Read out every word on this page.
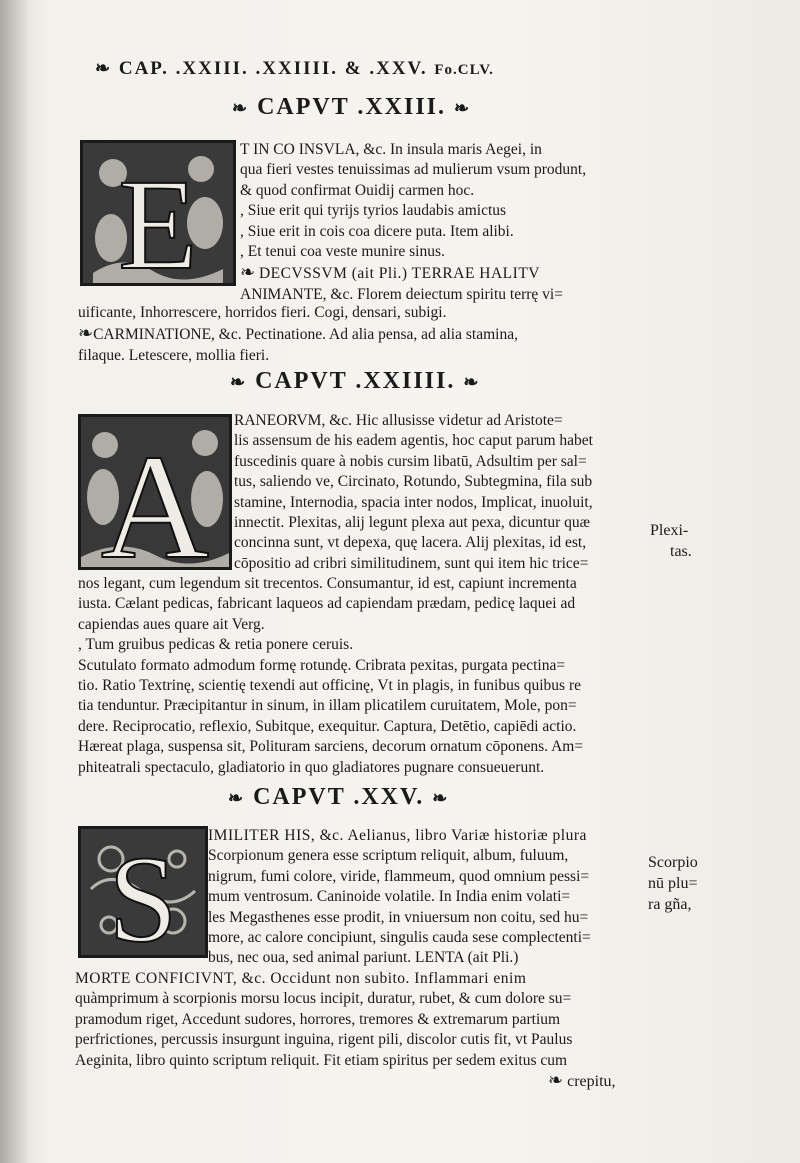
❧ CAP. .XXIII. .XXIIII. & .XXV. Fo.CLV.
❧ CAPVT .XXIII. ❧
E

T IN CO INSVLA, &c. In insula maris Aegei, in

qua fieri vestes tenuissimas ad mulierum vsum produnt,

& quod confirmat Ouidij carmen hoc.

, Siue erit qui tyrijs tyrios laudabis amictus

, Siue erit in cois coa dicere puta. Item alibi.

, Et tenui coa veste munire sinus.

❧ DECVSSVM (ait Pli.) TERRAE HALITV

ANIMANTE, &c. Florem deiectum spiritu terrę vi=

uificante, Inhorrescere, horridos fieri. Cogi, densari, subigi.

❧CARMINATIONE, &c. Pectinatione. Ad alia pensa, ad alia stamina,

filaque. Letescere, mollia fieri.

❧ CAPVT .XXIIII. ❧
A

RANEORVM, &c. Hic allusisse videtur ad Aristote=

lis assensum de his eadem agentis, hoc caput parum habet

fuscedinis quare à nobis cursim libatū, Adsultim per sal=

tus, saliendo ve, Circinato, Rotundo, Subtegmina, fila sub

stamine, Internodia, spacia inter nodos, Implicat, inuoluit,

innectit. Plexitas, alij legunt plexa aut pexa, dicuntur quæ

concinna sunt, vt depexa, quę lacera. Alij plexitas, id est,

cōpositio ad cribri similitudinem, sunt qui item hic trice=

nos legant, cum legendum sit trecentos. Consumantur, id est, capiunt incrementa

iusta. Cælant pedicas, fabricant laqueos ad capiendam prædam, pedicę laquei ad

capiendas aues quare ait Verg.

, Tum gruibus pedicas & retia ponere ceruis.

Scutulato formato admodum formę rotundę. Cribrata pexitas, purgata pectina=

tio. Ratio Textrinę, scientię texendi aut officinę, Vt in plagis, in funibus quibus re

tia tenduntur. Præcipitantur in sinum, in illam plicatilem curuitatem, Mole, pon=

dere. Reciprocatio, reflexio, Subitque, exequitur. Captura, Detētio, capiēdi actio.

Hæreat plaga, suspensa sit, Polituram sarciens, decorum ornatum cōponens. Am=

phiteatrali spectaculo, gladiatorio in quo gladiatores pugnare consueuerunt.

Plexi-
tas.
❧ CAPVT .XXV. ❧
S IMILITER HIS, &c. Aelianus, libro Variæ historiæ plura

Scorpionum genera esse scriptum reliquit, album, fuluum,

nigrum, fumi colore, viride, flammeum, quod omnium pessi=

mum ventrosum. Caninoide volatile. In India enim volati=

les Megasthenes esse prodit, in vniuersum non coitu, sed hu=

more, ac calore concipiunt, singulis cauda sese complectenti=

bus, nec oua, sed animal pariunt. LENTA (ait Pli.)

MORTE CONFICIVNT, &c. Occidunt non subito. Inflammari enim

quàmprimum à scorpionis morsu locus incipit, duratur, rubet, & cum dolore su=

pramodum riget, Accedunt sudores, horrores, tremores & extremarum partium

perfrictiones, percussis insurgunt inguina, rigent pili, discolor cutis fit, vt Paulus

Aeginita, libro quinto scriptum reliquit. Fit etiam spiritus per sedem exitus cum

Scorpio
nū plu=
ra gña,
❧ crepitu,
